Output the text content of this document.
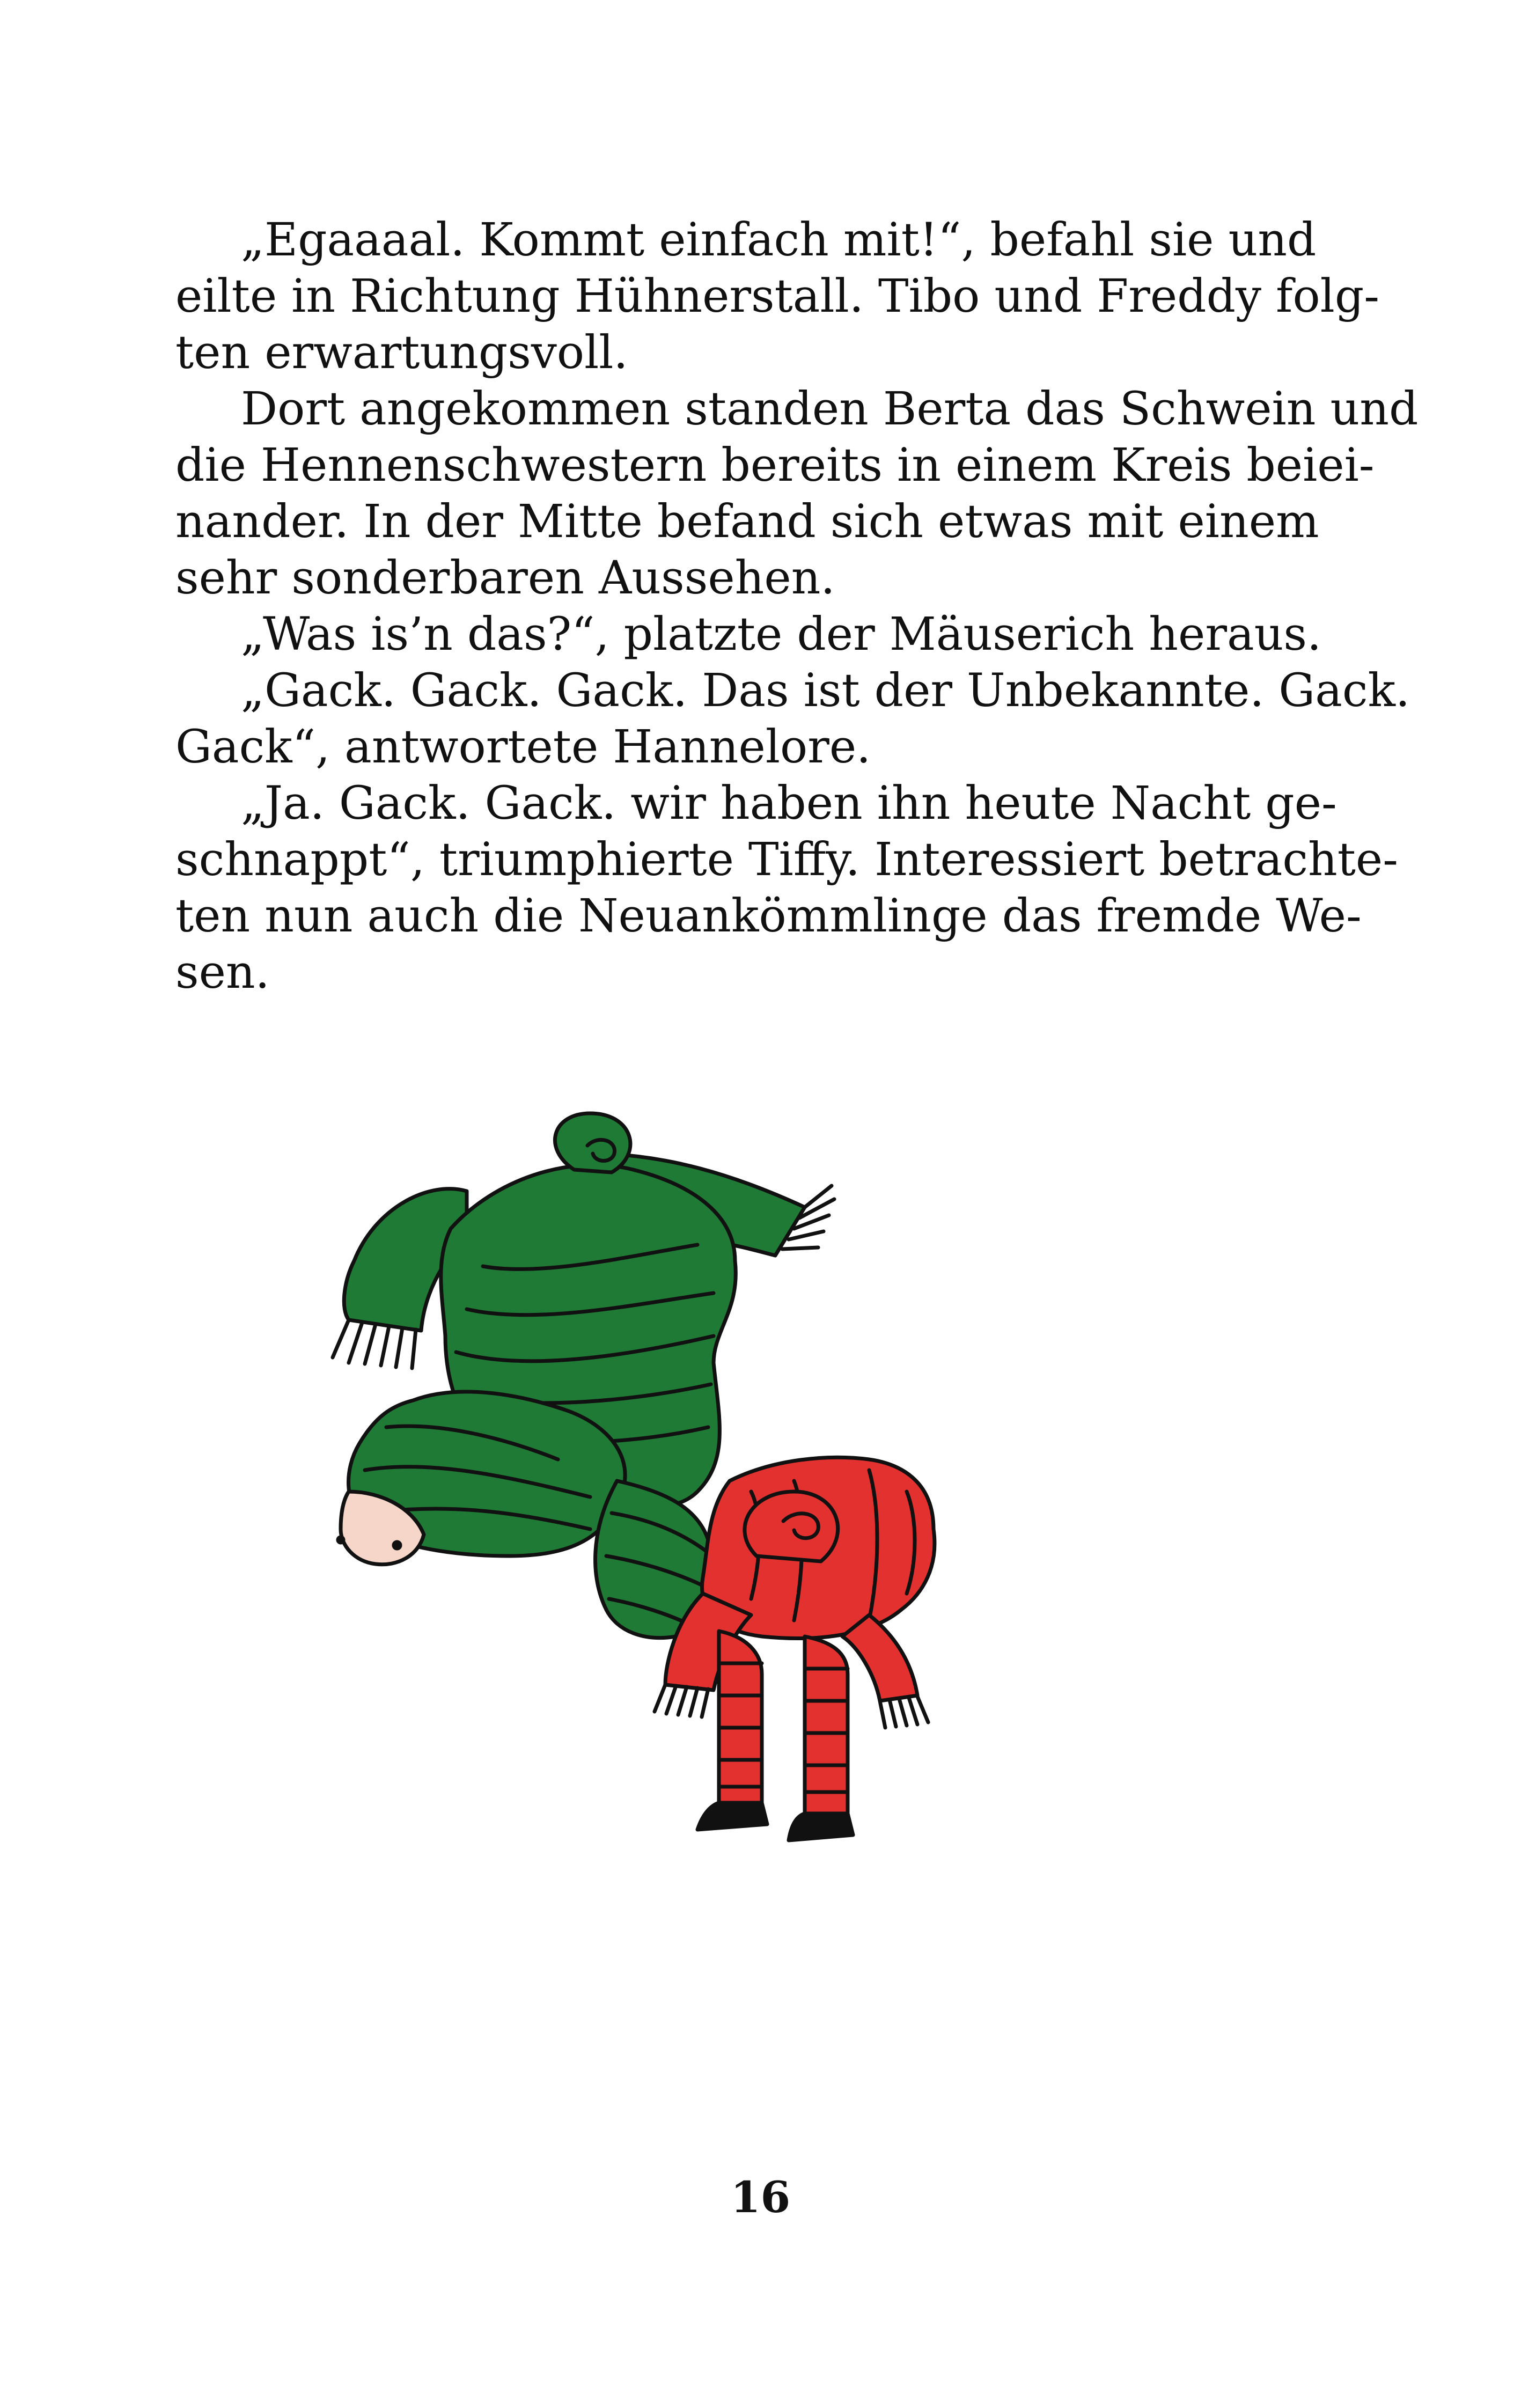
„Egaaaal. Kommt einfach mit!“, befahl sie und
eilte in Richtung Hühnerstall. Tibo und Freddy folg-
ten erwartungsvoll.
Dort angekommen standen Berta das Schwein und
die Hennenschwestern bereits in einem Kreis beiei-
nander. In der Mitte befand sich etwas mit einem
sehr sonderbaren Aussehen.
„Was is’n das?“, platzte der Mäuserich heraus.
„Gack. Gack. Gack. Das ist der Unbekannte. Gack.
Gack“, antwortete Hannelore.
„Ja. Gack. Gack. wir haben ihn heute Nacht ge-
schnappt“, triumphierte Tiffy. Interessiert betrachte-
ten nun auch die Neuankömmlinge das fremde We-
sen.
16
